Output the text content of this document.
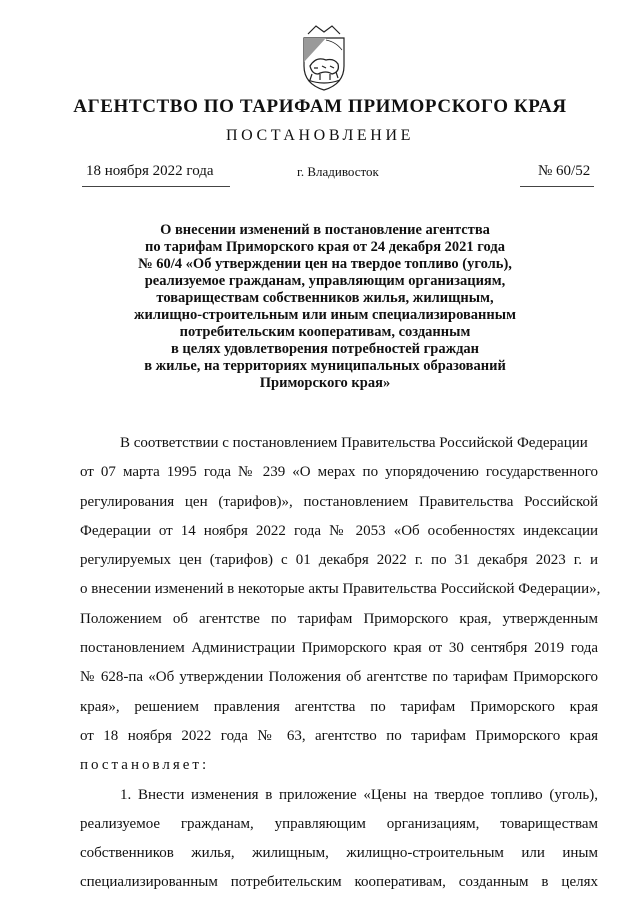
АГЕНТСТВО ПО ТАРИФАМ ПРИМОРСКОГО КРАЯ
ПОСТАНОВЛЕНИЕ
18 ноября 2022 года	г. Владивосток	№ 60/52
О внесении изменений в постановление агентства
по тарифам Приморского края от 24 декабря 2021 года
№ 60/4 «Об утверждении цен на твердое топливо (уголь),
реализуемое гражданам, управляющим организациям,
товариществам собственников жилья, жилищным,
жилищно-строительным или иным специализированным
потребительским кооперативам, созданным
в целях удовлетворения потребностей граждан
в жилье, на территориях муниципальных образований
Приморского края»
В соответствии с постановлением Правительства Российской Федерации
от 07 марта 1995 года № 239 «О мерах по упорядочению государственного
регулирования цен (тарифов)», постановлением Правительства Российской
Федерации от 14 ноября 2022 года № 2053 «Об особенностях индексации
регулируемых цен (тарифов) с 01 декабря 2022 г. по 31 декабря 2023 г. и
о внесении изменений в некоторые акты Правительства Российской Федерации»,
Положением об агентстве по тарифам Приморского края, утвержденным
постановлением Администрации Приморского края от 30 сентября 2019 года
№ 628-па «Об утверждении Положения об агентстве по тарифам Приморского
края», решением правления агентства по тарифам Приморского края
от 18 ноября 2022 года № 63, агентство по тарифам Приморского края
постановляет:
1. Внести изменения в приложение «Цены на твердое топливо (уголь),
реализуемое гражданам, управляющим организациям, товариществам
собственников жилья, жилищным, жилищно-строительным или иным
специализированным потребительским кооперативам, созданным в целях
